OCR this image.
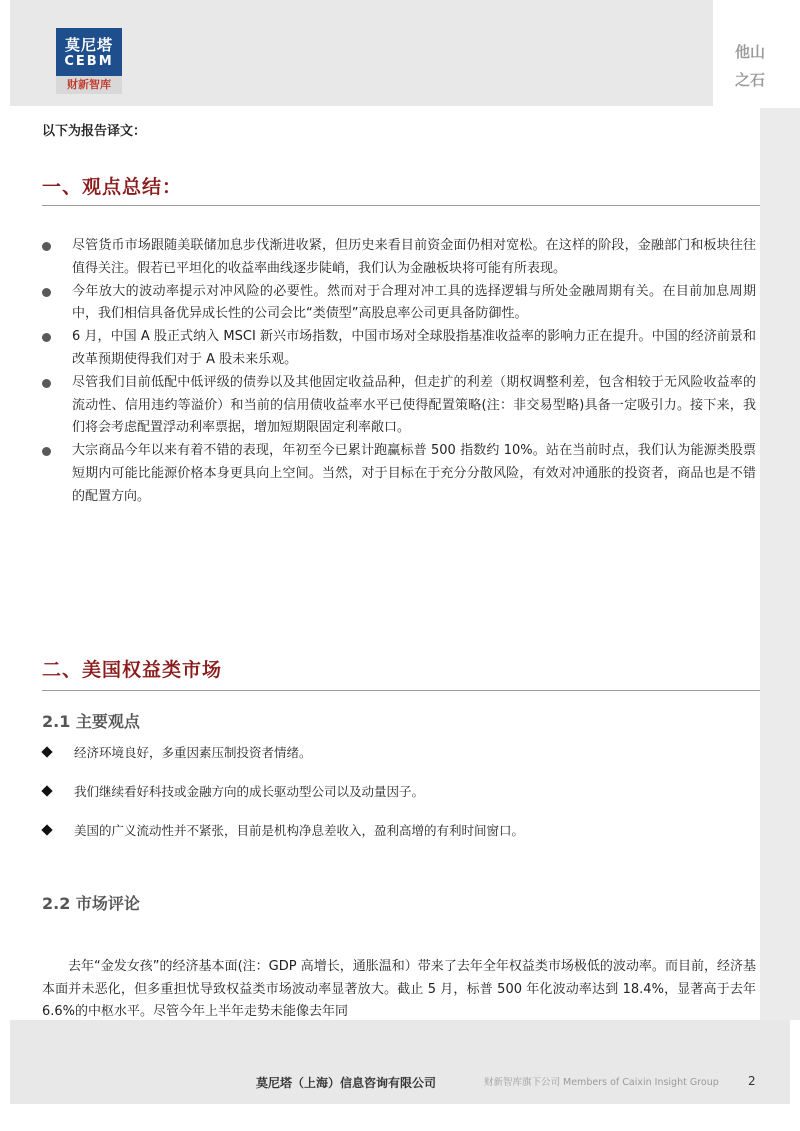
莫尼塔
CEBM
财新智库
他山
之石
以下为报告译文：
一、观点总结：
尽管货币市场跟随美联储加息步伐渐进收紧，但历史来看目前资金面仍相对宽松。在这样的阶段，金融部门和板块往往值得关注。假若已平坦化的收益率曲线逐步陡峭，我们认为金融板块将可能有所表现。
今年放大的波动率提示对冲风险的必要性。然而对于合理对冲工具的选择逻辑与所处金融周期有关。在目前加息周期中，我们相信具备优异成长性的公司会比“类债型”高股息率公司更具备防御性。
6 月，中国 A 股正式纳入 MSCI 新兴市场指数，中国市场对全球股指基准收益率的影响力正在提升。中国的经济前景和改革预期使得我们对于 A 股未来乐观。
尽管我们目前低配中低评级的债券以及其他固定收益品种，但走扩的利差（期权调整利差，包含相较于无风险收益率的流动性、信用违约等溢价）和当前的信用债收益率水平已使得配置策略(注：非交易型略)具备一定吸引力。接下来，我们将会考虑配置浮动利率票据，增加短期限固定利率敞口。
大宗商品今年以来有着不错的表现，年初至今已累计跑赢标普 500 指数约 10%。站在当前时点，我们认为能源类股票短期内可能比能源价格本身更具向上空间。当然，对于目标在于充分分散风险，有效对冲通胀的投资者，商品也是不错的配置方向。
二、美国权益类市场
2.1 主要观点
经济环境良好，多重因素压制投资者情绪。
我们继续看好科技或金融方向的成长驱动型公司以及动量因子。
美国的广义流动性并不紧张，目前是机构净息差收入，盈利高增的有利时间窗口。
2.2 市场评论

去年“金发女孩”的经济基本面(注：GDP 高增长，通胀温和）带来了去年全年权益类市场极低的波动率。而目前，经济基本面并未恶化，但多重担忧导致权益类市场波动率显著放大。截止 5 月，标普 500 年化波动率达到 18.4%，显著高于去年 6.6%的中枢水平。尽管今年上半年走势未能像去年同

莫尼塔（上海）信息咨询有限公司	财新智库旗下公司 Members of Caixin Insight Group 2
